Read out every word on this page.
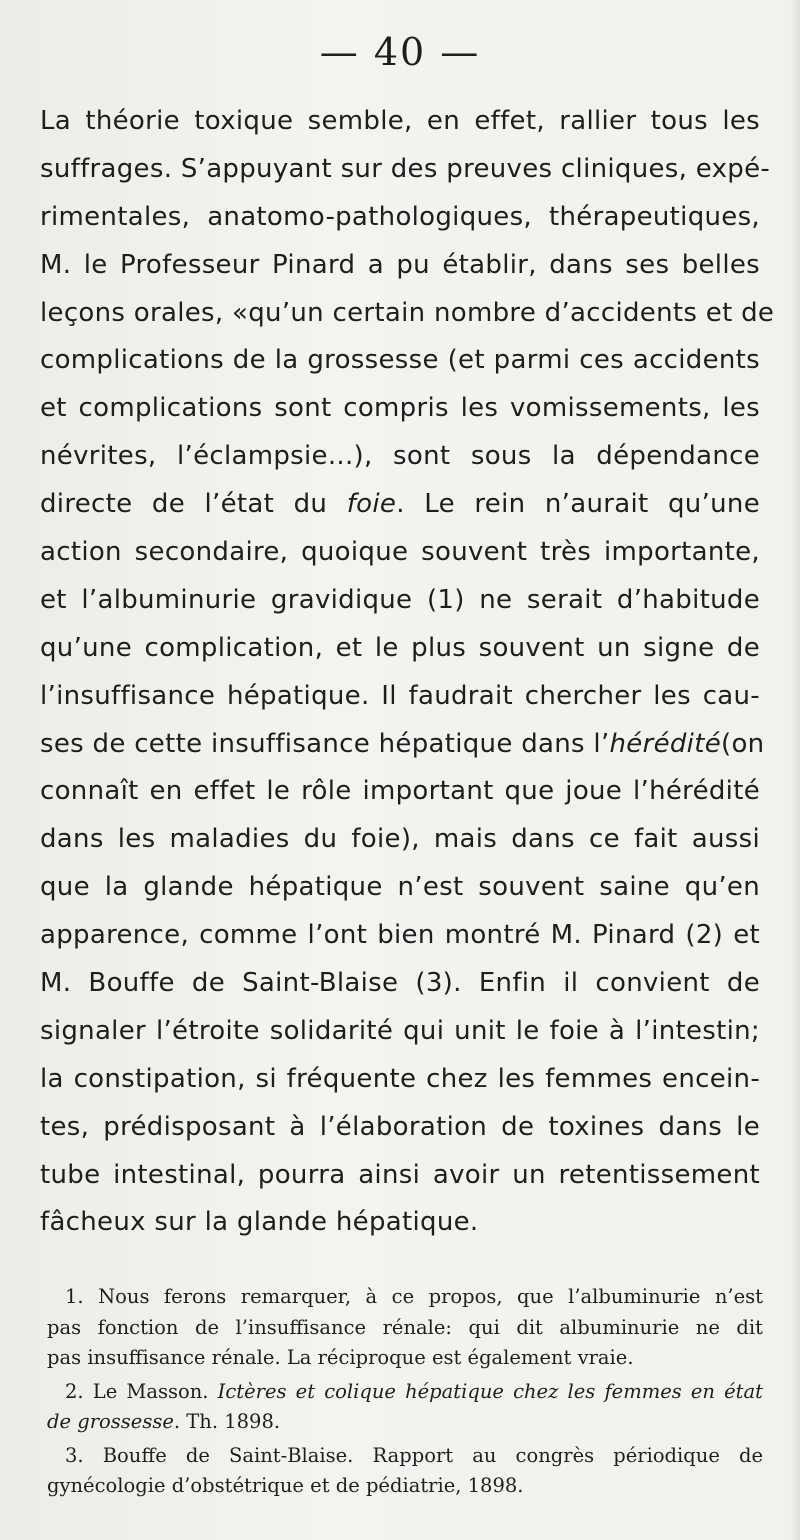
— 40 —
La théorie toxique semble, en effet, rallier tous les
suffrages. S’appuyant sur des preuves cliniques, expé-
rimentales, anatomo-pathologiques, thérapeutiques,
M. le Professeur Pinard a pu établir, dans ses belles
leçons orales, «qu’un certain nombre d’accidents et de
complications de la grossesse (et parmi ces accidents
et complications sont compris les vomissements, les
névrites, l’éclampsie...), sont sous la dépendance
directe de l’état du foie. Le rein n’aurait qu’une
action secondaire, quoique souvent très importante,
et l’albuminurie gravidique (1) ne serait d’habitude
qu’une complication, et le plus souvent un signe de
l’insuffisance hépatique. Il faudrait chercher les cau-
ses de cette insuffisance hépatique dans l’hérédité(on
connaît en effet le rôle important que joue l’hérédité
dans les maladies du foie), mais dans ce fait aussi
que la glande hépatique n’est souvent saine qu’en
apparence, comme l’ont bien montré M. Pinard (2) et
M. Bouffe de Saint-Blaise (3). Enfin il convient de
signaler l’étroite solidarité qui unit le foie à l’intestin;
la constipation, si fréquente chez les femmes encein-
tes, prédisposant à l’élaboration de toxines dans le
tube intestinal, pourra ainsi avoir un retentissement
fâcheux sur la glande hépatique.
1. Nous ferons remarquer, à ce propos, que l’albuminurie n’est
pas fonction de l’insuffisance rénale: qui dit albuminurie ne dit
pas insuffisance rénale. La réciproque est également vraie.
2. Le Masson. Ictères et colique hépatique chez les femmes en état
de grossesse. Th. 1898.
3. Bouffe de Saint-Blaise. Rapport au congrès périodique de
gynécologie d’obstétrique et de pédiatrie, 1898.
